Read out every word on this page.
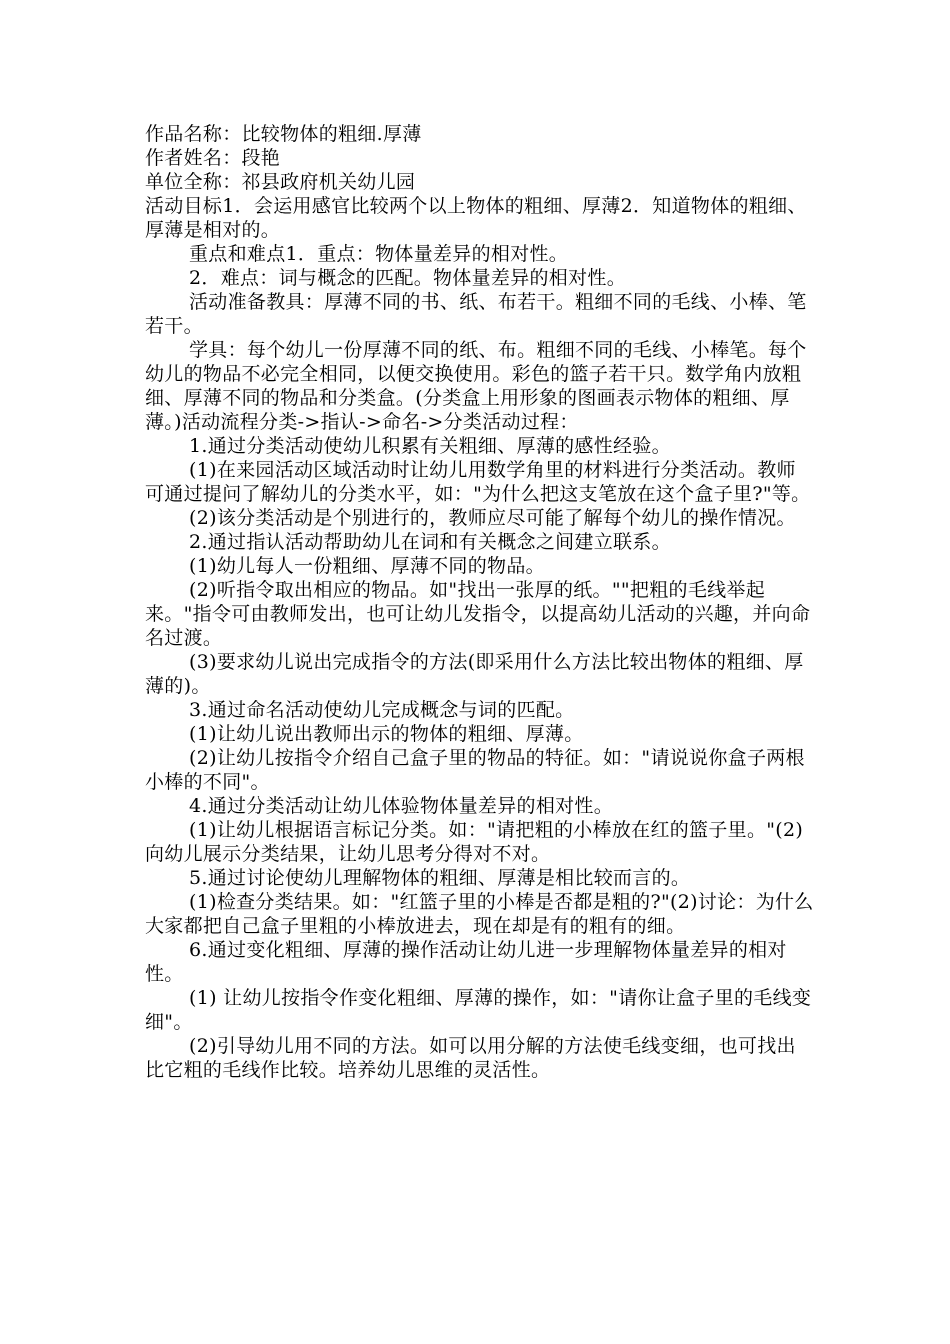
作品名称：比较物体的粗细.厚薄

作者姓名：段艳

单位全称：祁县政府机关幼儿园

活动目标1．会运用感官比较两个以上物体的粗细、厚薄2．知道物体的粗细、厚薄是相对的。

重点和难点1．重点：物体量差异的相对性。

2．难点：词与概念的匹配。物体量差异的相对性。

活动准备教具：厚薄不同的书、纸、布若干。粗细不同的毛线、小棒、笔若干。

学具：每个幼儿一份厚薄不同的纸、布。粗细不同的毛线、小棒笔。每个幼儿的物品不必完全相同，以便交换使用。彩色的篮子若干只。数学角内放粗细、厚薄不同的物品和分类盒。(分类盒上用形象的图画表示物体的粗细、厚薄。)活动流程分类->指认->命名->分类活动过程：

1.通过分类活动使幼儿积累有关粗细、厚薄的感性经验。

(1)在来园活动区域活动时让幼儿用数学角里的材料进行分类活动。教师可通过提问了解幼儿的分类水平，如："为什么把这支笔放在这个盒子里?"等。

(2)该分类活动是个别进行的，教师应尽可能了解每个幼儿的操作情况。

2.通过指认活动帮助幼儿在词和有关概念之间建立联系。

(1)幼儿每人一份粗细、厚薄不同的物品。

(2)听指令取出相应的物品。如"找出一张厚的纸。""把粗的毛线举起来。"指令可由教师发出，也可让幼儿发指令，以提高幼儿活动的兴趣，并向命名过渡。

(3)要求幼儿说出完成指令的方法(即采用什么方法比较出物体的粗细、厚薄的)。

3.通过命名活动使幼儿完成概念与词的匹配。

(1)让幼儿说出教师出示的物体的粗细、厚薄。

(2)让幼儿按指令介绍自己盒子里的物品的特征。如："请说说你盒子两根小棒的不同"。

4.通过分类活动让幼儿体验物体量差异的相对性。

(1)让幼儿根据语言标记分类。如："请把粗的小棒放在红的篮子里。"(2)向幼儿展示分类结果，让幼儿思考分得对不对。

5.通过讨论使幼儿理解物体的粗细、厚薄是相比较而言的。

(1)检查分类结果。如："红篮子里的小棒是否都是粗的?"(2)讨论：为什么大家都把自己盒子里粗的小棒放进去，现在却是有的粗有的细。

6.通过变化粗细、厚薄的操作活动让幼儿进一步理解物体量差异的相对性。

(1) 让幼儿按指令作变化粗细、厚薄的操作，如："请你让盒子里的毛线变细"。

(2)引导幼儿用不同的方法。如可以用分解的方法使毛线变细，也可找出比它粗的毛线作比较。培养幼儿思维的灵活性。
